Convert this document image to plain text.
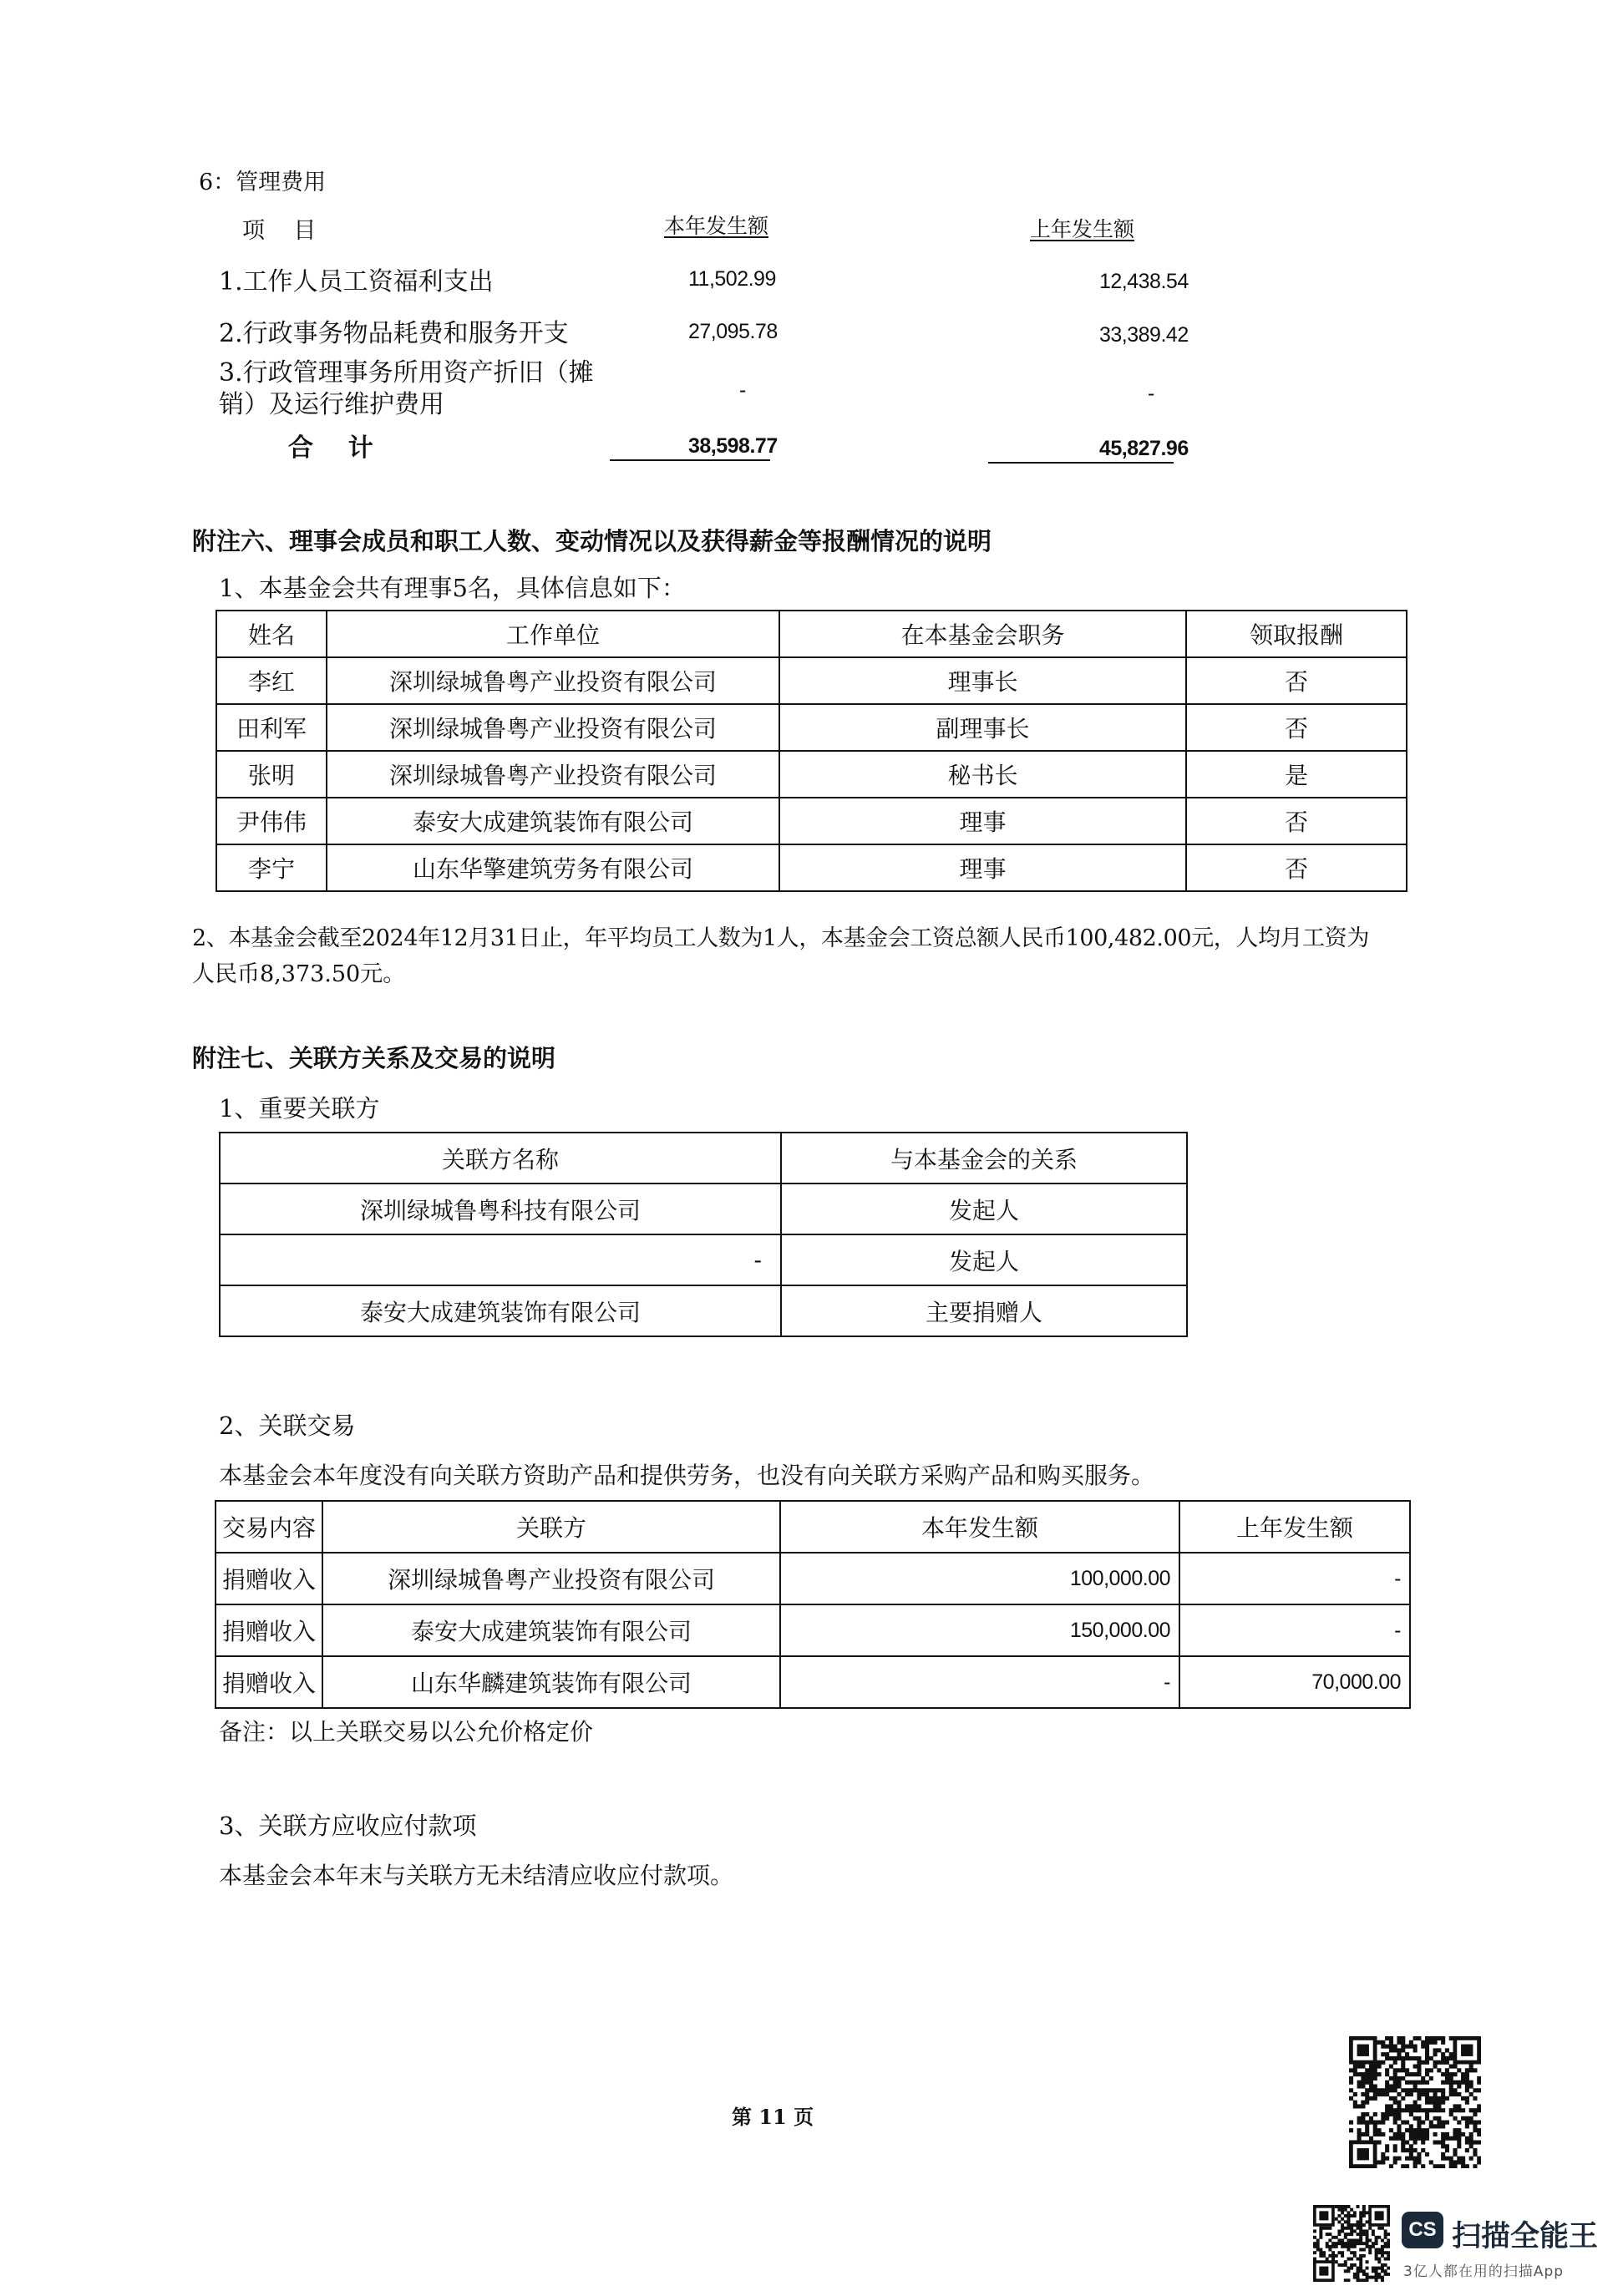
6：管理费用
项    目	本年发生额	上年发生额
1.工作人员工资福利支出	11,502.99	12,438.54
2.行政事务物品耗费和服务开支	27,095.78	33,389.42
3.行政管理事务所用资产折旧（摊
销）及运行维护费用	-	-
合    计	38,598.77	45,827.96
附注六、理事会成员和职工人数、变动情况以及获得薪金等报酬情况的说明
1、本基金会共有理事5名，具体信息如下：
姓名	工作单位	在本基金会职务	领取报酬
李红	深圳绿城鲁粤产业投资有限公司	理事长	否
田利军	深圳绿城鲁粤产业投资有限公司	副理事长	否
张明	深圳绿城鲁粤产业投资有限公司	秘书长	是
尹伟伟	泰安大成建筑装饰有限公司	理事	否
李宁	山东华擎建筑劳务有限公司	理事	否
2、本基金会截至2024年12月31日止，年平均员工人数为1人，本基金会工资总额人民币100,482.00元，人均月工资为
人民币8,373.50元。
附注七、关联方关系及交易的说明
1、重要关联方
关联方名称	与本基金会的关系
深圳绿城鲁粤科技有限公司	发起人
-	发起人
泰安大成建筑装饰有限公司	主要捐赠人
2、关联交易
本基金会本年度没有向关联方资助产品和提供劳务，也没有向关联方采购产品和购买服务。
交易内容	关联方	本年发生额	上年发生额
捐赠收入	深圳绿城鲁粤产业投资有限公司	100,000.00	-
捐赠收入	泰安大成建筑装饰有限公司	150,000.00	-
捐赠收入	山东华麟建筑装饰有限公司	-	70,000.00
备注：以上关联交易以公允价格定价
3、关联方应收应付款项
本基金会本年末与关联方无未结清应收应付款项。
第 11 页
CS 扫描全能王
3亿人都在用的扫描App
